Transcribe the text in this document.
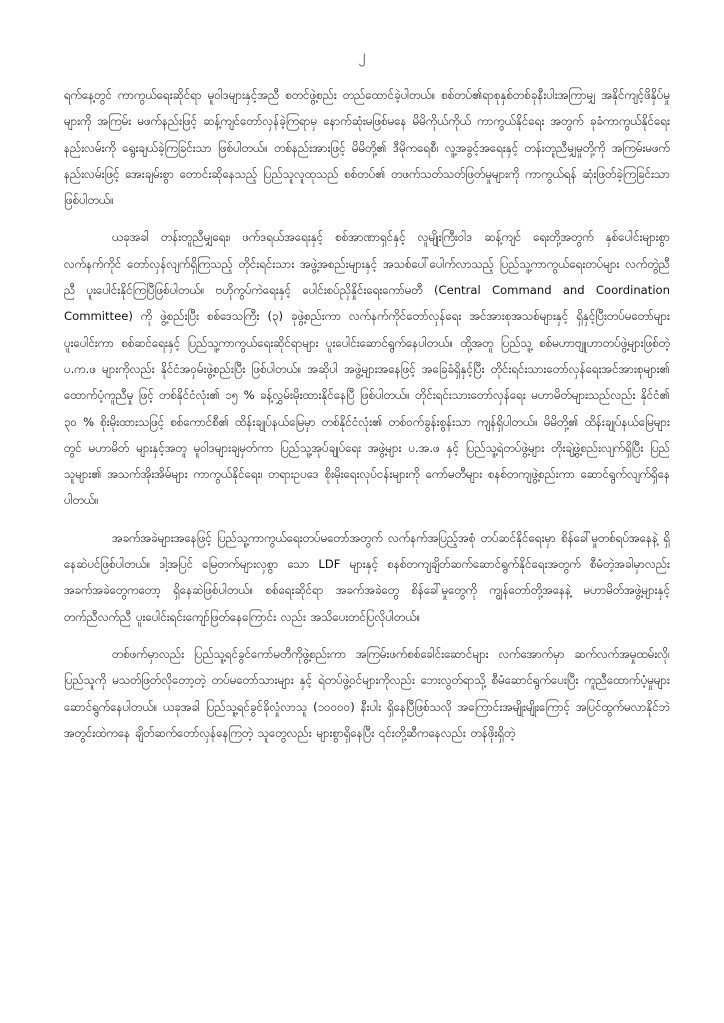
၂

ရက်နေ့တွင် ကာကွယ်ရေးဆိုင်ရာ မူဝါဒများနှင့်အညီ စတင်ဖွဲ့စည်း တည်ထောင်ခဲ့ပါတယ်။ စစ်တပ်၏ရာစုနှစ်တစ်ခုနီးပါးအကြာမျှ အနိုင်ကျင့်ဖိနှိပ်မှုများကို အကြမ်း မဖက်နည်းဖြင့် ဆန့်ကျင်တော်လှန်ခဲ့ကြရာမှ နောက်ဆုံးမဖြစ်မနေ မိမိကိုယ်ကိုယ် ကာကွယ်နိုင်ရေး အတွက် ခုခံကာကွယ်နိုင်ရေးနည်းလမ်းကို ရွေးချယ်ခဲ့ကြခြင်းသာ ဖြစ်ပါတယ်။ တစ်နည်းအားဖြင့် မိမိတို့၏ ဒီမိုကရေစီ၊ လူ့အခွင့်အရေးနှင့် တန်းတူညီမျှမှုတို့ကို အကြမ်းမဖက် နည်းလမ်းဖြင့် အေးချမ်းစွာ တောင်းဆိုနေသည့် ပြည်သူလူထုသည် စစ်တပ်၏ တဖက်သတ်သတ်ဖြတ်မှုများကို ကာကွယ်ရန် ဆုံးဖြတ်ခဲ့ကြခြင်းသာဖြစ်ပါတယ်။

ယခုအခါ တန်းတူညီမျှရေး၊ ဖက်ဒရယ်အရေးနှင့် စစ်အာဏာရှင်နှင့် လူမျိုးကြီးဝါဒ ဆန့်ကျင် ရေးတို့အတွက် နှစ်ပေါင်းများစွာ လက်နက်ကိုင် တော်လှန်လျက်ရှိကြသည့် တိုင်းရင်းသား အဖွဲ့အစည်းများနှင့် အသစ်ပေါ်ပေါက်လာသည့် ပြည်သူ့ကာကွယ်ရေးတပ်များ လက်တွဲညီညီ ပူးပေါင်းနိုင်ကြပြီဖြစ်ပါတယ်။ ဗဟိုကွပ်ကဲရေးနှင့် ပေါင်းစပ်ညှိနှိုင်းရေးကော်မတီ (Central Command and Coordination Committee) ကို ဖွဲ့စည်းပြီး စစ်ဒေသကြီး (၃) ခုဖွဲ့စည်းကာ လက်နက်ကိုင်တော်လှန်ရေး အင်အားစုအသစ်များနှင့် ရှိနှင့်ပြီးတပ်မတော်များ ပူးပေါင်းကာ စစ်ဆင်ရေးနှင့် ပြည်သူ့ကာကွယ်ရေးဆိုင်ရာများ ပူးပေါင်းဆောင်ရွက်နေပါတယ်။ ထို့အတူ ပြည်သူ့ စစ်မဟာဗျူဟာတပ်ဖွဲ့များဖြစ်တဲ့ ပ.က.ဖ များကိုလည်း နိုင်ငံအဝှမ်းဖွဲ့စည်းပြီး ဖြစ်ပါတယ်။ အဆိုပါ အဖွဲ့များအနေဖြင့် အခြေခံရှိနှင့်ပြီး တိုင်းရင်းသားတော်လှန်ရေးအင်အားစုများ၏ ထောက်ပံ့ကူညီမှု ဖြင့် တစ်နိုင်ငံလုံး၏ ၁၅ % ခန့်လွှမ်းမိုးထားနိုင်နေပြီ ဖြစ်ပါတယ်။ တိုင်းရင်းသားတော်လှန်ရေး မဟာမိတ်များသည်လည်း နိုင်ငံ၏ ၃၀ % စိုးမိုးထားသဖြင့် စစ်ကောင်စီ၏ ထိန်းချုပ်နယ်မြေမှာ တစ်နိုင်ငံလုံး၏ တစ်ဝက်ခွန်းစွန်းသာ ကျန်ရှိပါတယ်။ မိမိတို့၏ ထိန်းချုပ်နယ်မြေများတွင် မဟာမိတ် များနှင့်အတူ မူဝါဒများချမှတ်ကာ ပြည်သူ့အုပ်ချုပ်ရေး အဖွဲ့များ ပ.အ.ဖ နှင့် ပြည်သူ့ရဲတပ်ဖွဲ့များ တိုးချဲ့ဖွဲ့စည်းလျက်ရှိပြီး ပြည်သူများ၏ အသက်အိုးအိမ်များ ကာကွယ်နိုင်ရေး၊ တရားဥပဒေ စိုးမိုးရေးလုပ်ငန်းများကို ကော်မတီများ စနစ်တကျဖွဲ့စည်းကာ ဆောင်ရွက်လျက်ရှိနေပါတယ်။

အခက်အခဲများအနေဖြင့် ပြည်သူ့ကာကွယ်ရေးတပ်မတော်အတွက် လက်နက်အပြည့်အစုံ တပ်ဆင်နိုင်ရေးမှာ စိန်ခေါ်မှုတစ်ရပ်အနေနဲ့ ရှိနေဆဲပင်ဖြစ်ပါတယ်။ ဒါ့အပြင် မြေတက်များလှစွာ သော LDF များနှင့် စနစ်တကျချိတ်ဆက်ဆောင်ရွက်နိုင်ရေးအတွက် စီမံတဲ့အခါမှာလည်း အခက်အခဲတွေကတော့ ရှိနေဆဲဖြစ်ပါတယ်။ စစ်ရေးဆိုင်ရာ အခက်အခဲတွေ စိန်ခေါ်မှုတွေကို ကျွန်တော်တို့အနေနဲ့ မဟာမိတ်အဖွဲ့များနှင့် တက်ညီလက်ညီ ပူးပေါင်းရင်းကျော်ဖြတ်နေကြောင်း လည်း အသိပေးတင်ပြလိုပါတယ်။

တစ်ဖက်မှာလည်း ပြည်သူ့ရင်ခွင်ကော်မတီကိုဖွဲ့စည်းကာ အကြမ်းဖက်စစ်ခေါင်းဆောင်များ လက်အောက်မှာ ဆက်လက်အမှုထမ်းလို၊ ပြည်သူကို မသတ်ဖြတ်လိုတော့တဲ့ တပ်မတော်သားများ နှင့် ရဲတပ်ဖွဲ့ဝင်များကိုလည်း ဘေးလွတ်ရာသို့ စီမံဆောင်ရွက်ပေးပြီး ကူညီထောက်ပံ့မှုများ ဆောင်ရွက်နေပါတယ်။ ယခုအခါ ပြည်သူ့ရင်ခွင်ခိုလှုံလာသူ (၁၀၀၀၀) နီးပါး ရှိနေပြီဖြစ်သလို အကြောင်းအမျိုးမျိုးကြောင့် အပြင်ထွက်မလာနိုင်ဘဲ အတွင်းထဲကနေ ချိတ်ဆက်တော်လှန်နေကြတဲ့ သူတွေလည်း များစွာရှိနေပြီး ၎င်းတို့ဆီကနေလည်း တန်ဖိုးရှိတဲ့
